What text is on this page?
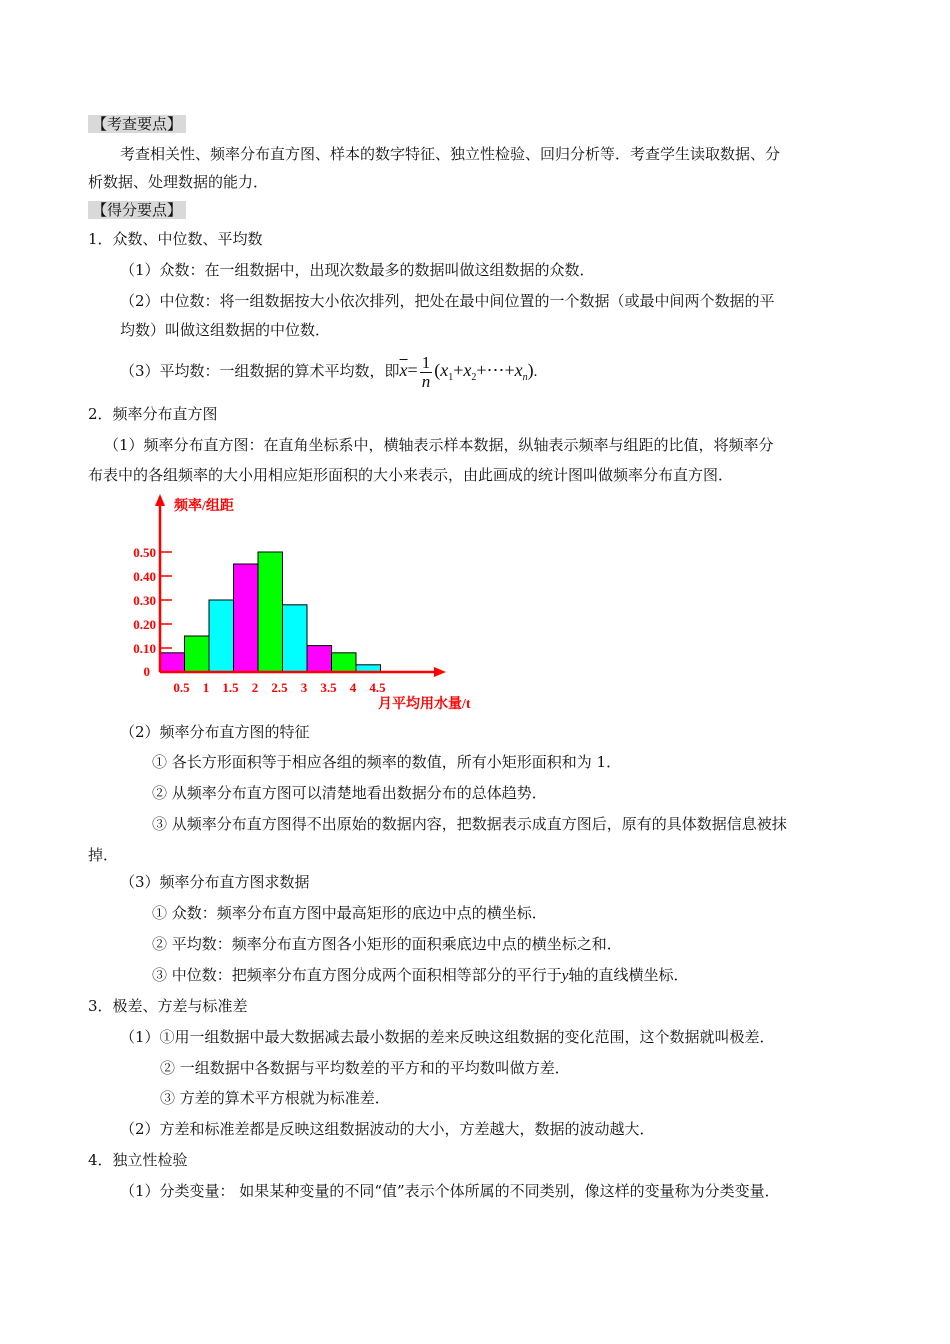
【考查要点】
考查相关性、频率分布直方图、样本的数字特征、独立性检验、回归分析等．考查学生读取数据、分
析数据、处理数据的能力．
【得分要点】
1．众数、中位数、平均数
（1）众数：在一组数据中，出现次数最多的数据叫做这组数据的众数．
（2）中位数：将一组数据按大小依次排列，把处在最中间位置的一个数据（或最中间两个数据的平
均数）叫做这组数据的中位数．
（3）平均数：一组数据的算术平均数，即$\overline{x}= \frac{1}{n}$ $(x_1+x_2+\cdots+x_n)$.
2．频率分布直方图
（1）频率分布直方图：在直角坐标系中，横轴表示样本数据，纵轴表示频率与组距的比值，将频率分
布表中的各组频率的大小用相应矩形面积的大小来表示，由此画成的统计图叫做频率分布直方图．
0.10
0.20
0.30
0.40
0.50
0
0.5 1 1.5 2 2.5 3 3.5 4 4.5
频率/组距
月平均用水量/t
（2）频率分布直方图的特征
① 各长方形面积等于相应各组的频率的数值，所有小矩形面积和为 1．
② 从频率分布直方图可以清楚地看出数据分布的总体趋势．
③ 从频率分布直方图得不出原始的数据内容，把数据表示成直方图后，原有的具体数据信息被抹
掉．
（3）频率分布直方图求数据
① 众数：频率分布直方图中最高矩形的底边中点的横坐标．
② 平均数：频率分布直方图各小矩形的面积乘底边中点的横坐标之和．
③ 中位数：把频率分布直方图分成两个面积相等部分的平行于y轴的直线横坐标．
3．极差、方差与标准差
（1）①用一组数据中最大数据减去最小数据的差来反映这组数据的变化范围，这个数据就叫极差．
② 一组数据中各数据与平均数差的平方和的平均数叫做方差．
③ 方差的算术平方根就为标准差．
（2）方差和标准差都是反映这组数据波动的大小，方差越大，数据的波动越大．
4．独立性检验
（1）分类变量： 如果某种变量的不同“值”表示个体所属的不同类别，像这样的变量称为分类变量．
